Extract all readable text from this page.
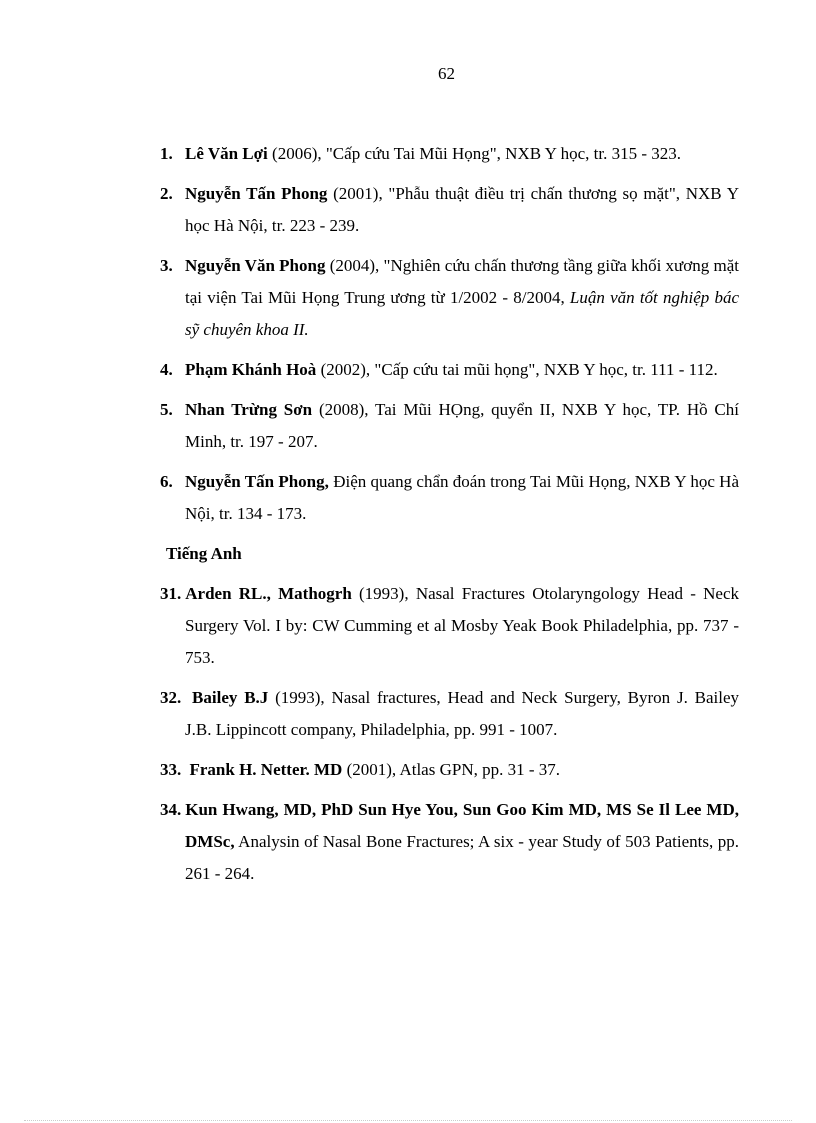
62
1. Lê Văn Lợi (2006), "Cấp cứu Tai Mũi Họng", NXB Y học, tr. 315 - 323.
2. Nguyễn Tấn Phong (2001), "Phẫu thuật điều trị chấn thương sọ mặt", NXB Y học Hà Nội, tr. 223 - 239.
3. Nguyễn Văn Phong (2004), "Nghiên cứu chấn thương tầng giữa khối xương mặt tại viện Tai Mũi Họng Trung ương từ 1/2002 - 8/2004, Luận văn tốt nghiệp bác sỹ chuyên khoa II.
4. Phạm Khánh Hoà (2002), "Cấp cứu tai mũi họng", NXB Y học, tr. 111 - 112.
5. Nhan Trừng Sơn (2008), Tai Mũi HỌng, quyển II, NXB Y học, TP. Hồ Chí Minh, tr. 197 - 207.
6. Nguyễn Tấn Phong, Điện quang chẩn đoán trong Tai Mũi Họng, NXB Y học Hà Nội, tr. 134 - 173.
Tiếng Anh
31. Arden RL., Mathogrh (1993), Nasal Fractures Otolaryngology Head - Neck Surgery Vol. I by: CW Cumming et al Mosby Yeak Book Philadelphia, pp. 737 - 753.
32. Bailey B.J (1993), Nasal fractures, Head and Neck Surgery, Byron J. Bailey J.B. Lippincott company, Philadelphia, pp. 991 - 1007.
33. Frank H. Netter. MD (2001), Atlas GPN, pp. 31 - 37.
34. Kun Hwang, MD, PhD Sun Hye You, Sun Goo Kim MD, MS Se Il Lee MD, DMSc, Analysin of Nasal Bone Fractures; A six - year Study of 503 Patients, pp. 261 - 264.
